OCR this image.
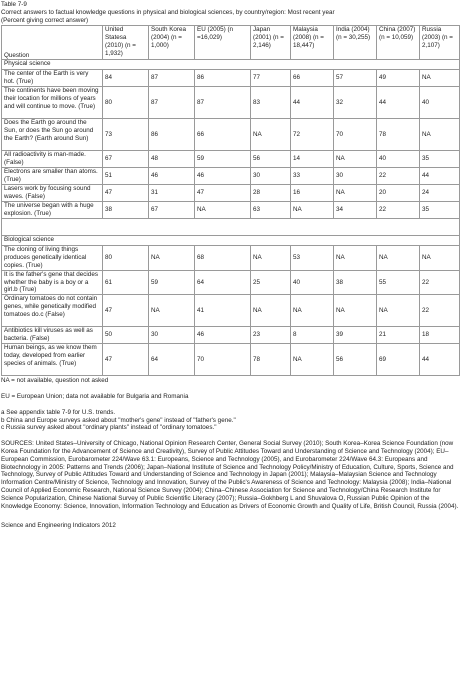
Table 7-9
Correct answers to factual knowledge questions in physical and biological sciences, by country/region: Most recent year
(Percent giving correct answer)
Question	United Statesa (2010) (n = 1,932)	South Korea (2004) (n = 1,000)	EU (2005) (n =16,029)	Japan (2001) (n = 2,146)	Malaysia (2008) (n = 18,447)	India (2004) (n = 30,255)	China (2007) (n = 10,059)	Russia (2003) (n = 2,107)
Physical science								
The center of the Earth is very hot. (True)	84	87	86	77	66	57	49	NA
The continents have been moving their location for millions of years and will continue to move. (True)	80	87	87	83	44	32	44	40
Does the Earth go around the Sun, or does the Sun go around the Earth? (Earth around Sun)	73	86	66	NA	72	70	78	NA
All radioactivity is man-made. (False)	67	48	59	56	14	NA	40	35
Electrons are smaller than atoms. (True)	51	46	46	30	33	30	22	44
Lasers work by focusing sound waves. (False)	47	31	47	28	16	NA	20	24
The universe began with a huge explosion. (True)	38	67	NA	63	NA	34	22	35

Biological science								
The cloning of living things produces genetically identical copies. (True)	80	NA	68	NA	53	NA	NA	NA
It is the father's gene that decides whether the baby is a boy or a girl.b (True)	61	59	64	25	40	38	55	22
Ordinary tomatoes do not contain genes, while genetically modified tomatoes do.c (False)	47	NA	41	NA	NA	NA	NA	22
Antibiotics kill viruses as well as bacteria. (False)	50	30	46	23	8	39	21	18
Human beings, as we know them today, developed from earlier species of animals. (True)	47	64	70	78	NA	56	69	44

NA = not available, question not asked

EU = European Union; data not available for Bulgaria and Romania

a See appendix table 7-9 for U.S. trends.

b China and Europe surveys asked about "mother's gene" instead of "father's gene."

c Russia survey asked about "ordinary plants" instead of "ordinary tomatoes."

SOURCES: United States–University of Chicago, National Opinion Research Center, General Social Survey (2010); South Korea–Korea Science Foundation (now Korea Foundation for the Advancement of Science and Creativity), Survey of Public Attitudes Toward and Understanding of Science and Technology (2004); EU–European Commission, Eurobarometer 224/Wave 63.1: Europeans, Science and Technology (2005), and Eurobarometer 224/Wave 64.3: Europeans and Biotechnology in 2005: Patterns and Trends (2006); Japan–National Institute of Science and Technology Policy/Ministry of Education, Culture, Sports, Science and Technology, Survey of Public Attitudes Toward and Understanding of Science and Technology in Japan (2001); Malaysia–Malaysian Science and Technology Information Centre/Ministry of Science, Technology and Innovation, Survey of the Public's Awareness of Science and Technology: Malaysia (2008); India–National Council of Applied Economic Research, National Science Survey (2004); China–Chinese Association for Science and Technology/China Research Institute for Science Popularization, Chinese National Survey of Public Scientific Literacy (2007); Russia–Gokhberg L and Shuvalova O, Russian Public Opinion of the Knowledge Economy: Science, Innovation, Information Technology and Education as Drivers of Economic Growth and Quality of Life, British Council, Russia (2004).

Science and Engineering Indicators 2012
